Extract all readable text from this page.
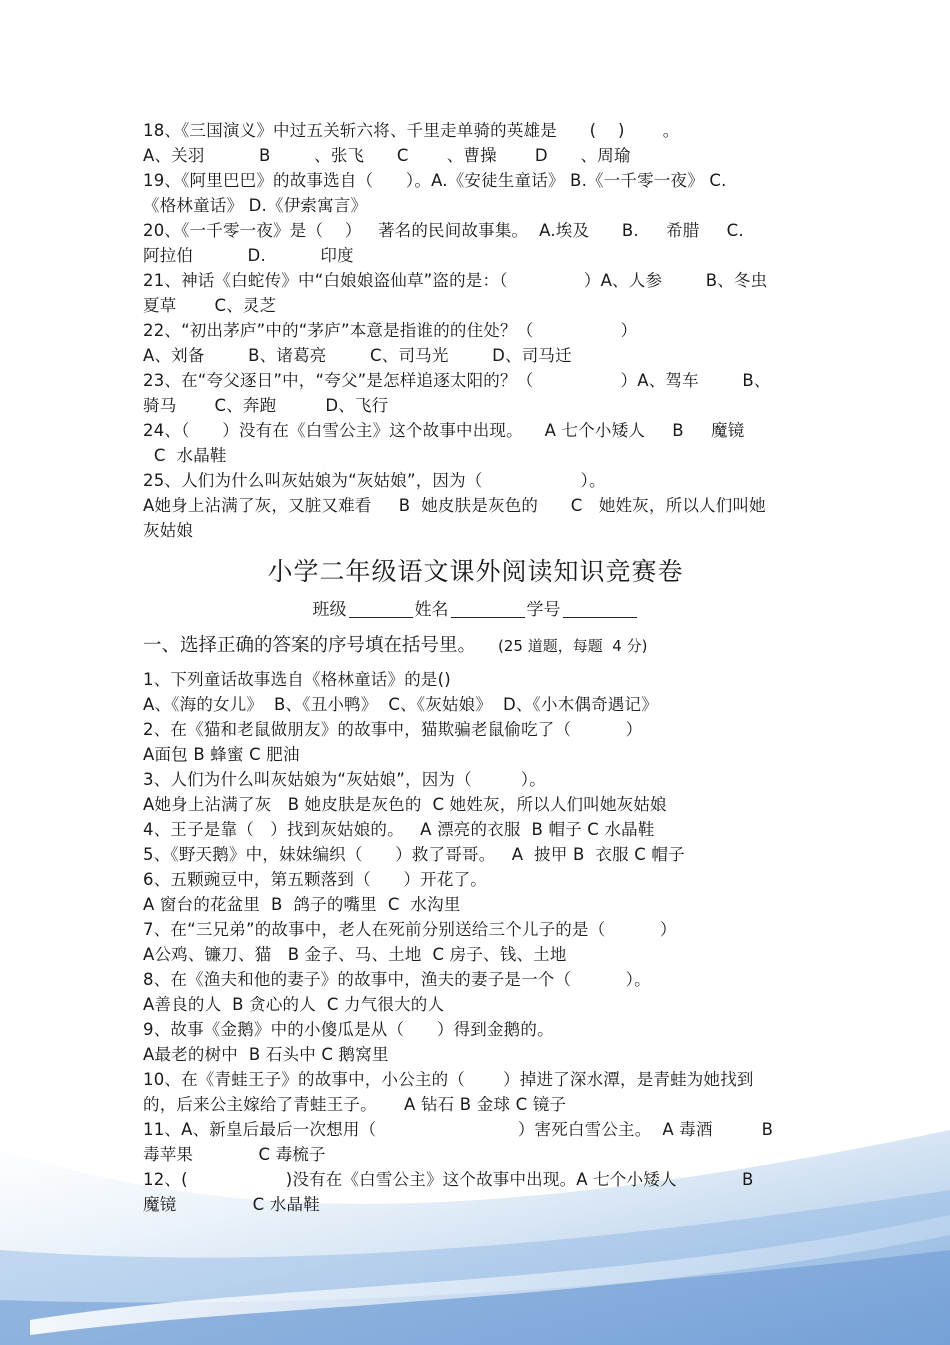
18、《三国演义》中过五关斩六将、千里走单骑的英雄是      (    )       。
A、关羽          B        、张飞      C       、曹操       D      、周瑜
19、《阿里巴巴》的故事选自（      ）。A.《安徒生童话》 B.《一千零一夜》 C.
《格林童话》 D.《伊索寓言》
20、《一千零一夜》是（    ）   著名的民间故事集。  A.埃及      B.     希腊     C.
阿拉伯          D.          印度
21、神话《白蛇传》中“白娘娘盗仙草”盗的是：（              ）A、人参        B、冬虫
夏草       C、灵芝
22、“初出茅庐”中的“茅庐”本意是指谁的的住处？（                ）
A、刘备        B、诸葛亮        C、司马光        D、司马迁
23、在“夸父逐日”中，“夸父”是怎样追逐太阳的？（                ）A、驾车        B、
骑马       C、奔跑         D、飞行
24、（      ）没有在《白雪公主》这个故事中出现。    A 七个小矮人     B     魔镜
C  水晶鞋
25、人们为什么叫灰姑娘为“灰姑娘”，因为（                  ）。
A她身上沾满了灰，又脏又难看     B  她皮肤是灰色的      C   她姓灰，所以人们叫她
灰姑娘
小学二年级语文课外阅读知识竞赛卷
班级	姓名	学号
一、选择正确的答案的序号填在括号里。 (25 道题，每题  4 分)
1、下列童话故事选自《格林童话》的是()
A、《海的女儿》  B、《丑小鸭》  C、《灰姑娘》  D、《小木偶奇遇记》
2、在《猫和老鼠做朋友》的故事中，猫欺骗老鼠偷吃了（          ）
A面包 B 蜂蜜 C 肥油
3、人们为什么叫灰姑娘为“灰姑娘”，因为（         ）。
A她身上沾满了灰   B 她皮肤是灰色的  C 她姓灰，所以人们叫她灰姑娘
4、王子是靠（   ）找到灰姑娘的。   A 漂亮的衣服  B 帽子 C 水晶鞋
5、《野天鹅》中，妹妹编织（      ）救了哥哥。   A  披甲 B  衣服 C 帽子
6、五颗豌豆中，第五颗落到（      ）开花了。
A 窗台的花盆里  B  鸽子的嘴里  C  水沟里
7、在“三兄弟”的故事中，老人在死前分别送给三个儿子的是（          ）
A公鸡、镰刀、猫   B 金子、马、土地  C 房子、钱、土地
8、在《渔夫和他的妻子》的故事中，渔夫的妻子是一个（          ）。
A善良的人  B 贪心的人  C 力气很大的人
9、故事《金鹅》中的小傻瓜是从（      ）得到金鹅的。
A最老的树中  B 石头中 C 鹅窝里
10、在《青蛙王子》的故事中，小公主的（       ）掉进了深水潭，是青蛙为她找到
的，后来公主嫁给了青蛙王子。     A 钻石 B 金球 C 镜子
11、A、新皇后最后一次想用（                          ）害死白雪公主。  A 毒酒         B
毒苹果            C 毒梳子
12、(                  )没有在《白雪公主》这个故事中出现。A 七个小矮人            B
魔镜              C 水晶鞋
